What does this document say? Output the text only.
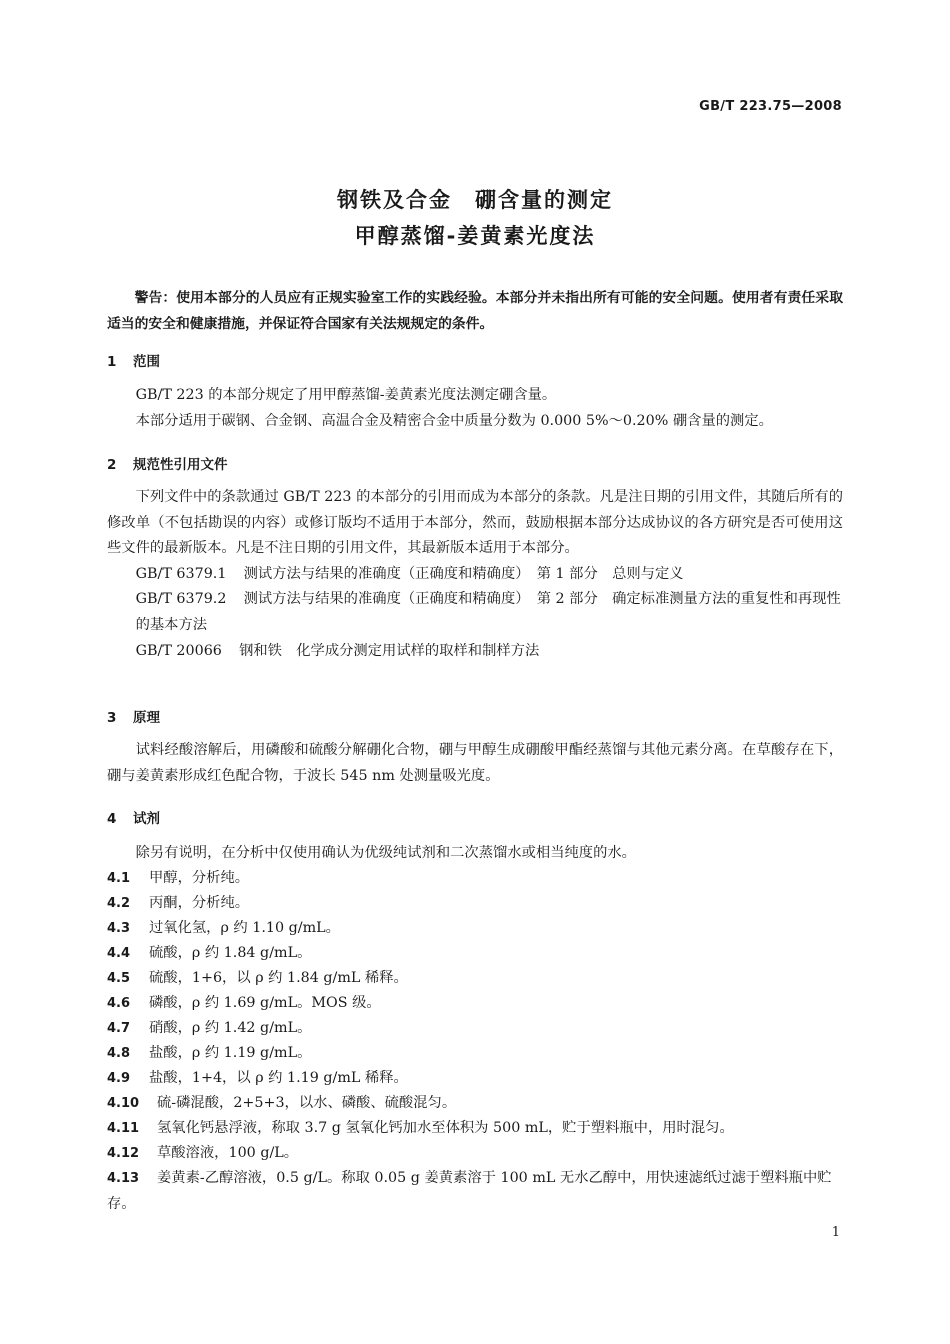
GB/T 223.75—2008
钢铁及合金　硼含量的测定
甲醇蒸馏-姜黄素光度法

警告：使用本部分的人员应有正规实验室工作的实践经验。本部分并未指出所有可能的安全问题。使用者有责任采取适当的安全和健康措施，并保证符合国家有关法规规定的条件。

1 范围

GB/T 223 的本部分规定了用甲醇蒸馏-姜黄素光度法测定硼含量。

本部分适用于碳钢、合金钢、高温合金及精密合金中质量分数为 0.000 5%～0.20% 硼含量的测定。

2 规范性引用文件

下列文件中的条款通过 GB/T 223 的本部分的引用而成为本部分的条款。凡是注日期的引用文件，其随后所有的修改单（不包括勘误的内容）或修订版均不适用于本部分，然而，鼓励根据本部分达成协议的各方研究是否可使用这些文件的最新版本。凡是不注日期的引用文件，其最新版本适用于本部分。

GB/T 6379.1 测试方法与结果的准确度（正确度和精确度）　第 1 部分　总则与定义

GB/T 6379.2 测试方法与结果的准确度（正确度和精确度）　第 2 部分　确定标准测量方法的重复性和再现性的基本方法

GB/T 20066 钢和铁　化学成分测定用试样的取样和制样方法

3 原理

试料经酸溶解后，用磷酸和硫酸分解硼化合物，硼与甲醇生成硼酸甲酯经蒸馏与其他元素分离。在草酸存在下，硼与姜黄素形成红色配合物，于波长 545 nm 处测量吸光度。

4 试剂

除另有说明，在分析中仅使用确认为优级纯试剂和二次蒸馏水或相当纯度的水。

4.1 甲醇，分析纯。

4.2 丙酮，分析纯。

4.3 过氧化氢，ρ 约 1.10 g/mL。

4.4 硫酸，ρ 约 1.84 g/mL。

4.5 硫酸，1+6，以 ρ 约 1.84 g/mL 稀释。

4.6 磷酸，ρ 约 1.69 g/mL。MOS 级。

4.7 硝酸，ρ 约 1.42 g/mL。

4.8 盐酸，ρ 约 1.19 g/mL。

4.9 盐酸，1+4，以 ρ 约 1.19 g/mL 稀释。

4.10 硫-磷混酸，2+5+3，以水、磷酸、硫酸混匀。

4.11 氢氧化钙悬浮液，称取 3.7 g 氢氧化钙加水至体积为 500 mL，贮于塑料瓶中，用时混匀。

4.12 草酸溶液，100 g/L。

4.13 姜黄素-乙醇溶液，0.5 g/L。称取 0.05 g 姜黄素溶于 100 mL 无水乙醇中，用快速滤纸过滤于塑料瓶中贮存。

1
